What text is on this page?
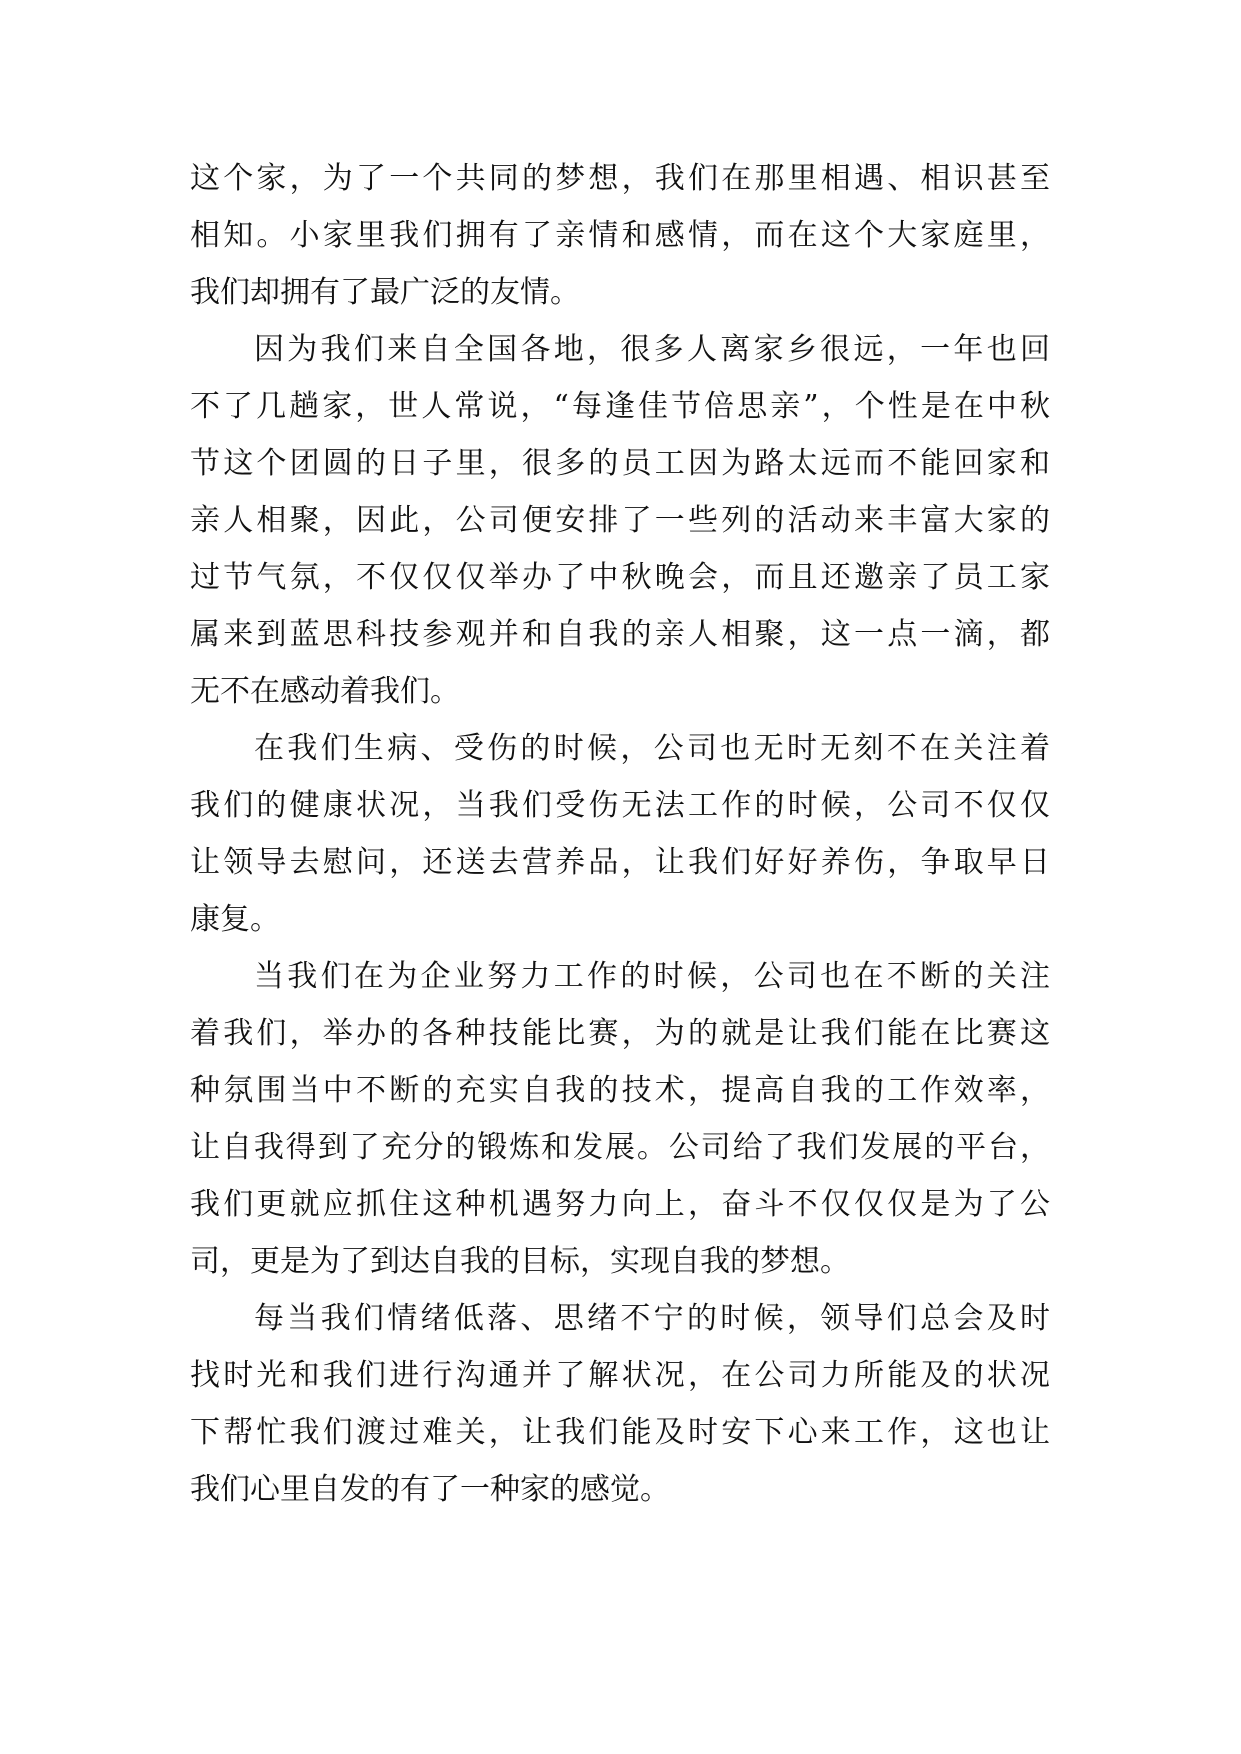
这个家，为了一个共同的梦想，我们在那里相遇、相识甚至
相知。小家里我们拥有了亲情和感情，而在这个大家庭里，
我们却拥有了最广泛的友情。
因为我们来自全国各地，很多人离家乡很远，一年也回
不了几趟家，世人常说，“每逢佳节倍思亲”，个性是在中秋
节这个团圆的日子里，很多的员工因为路太远而不能回家和
亲人相聚，因此，公司便安排了一些列的活动来丰富大家的
过节气氛，不仅仅仅举办了中秋晚会，而且还邀亲了员工家
属来到蓝思科技参观并和自我的亲人相聚，这一点一滴，都
无不在感动着我们。
在我们生病、受伤的时候，公司也无时无刻不在关注着
我们的健康状况，当我们受伤无法工作的时候，公司不仅仅
让领导去慰问，还送去营养品，让我们好好养伤，争取早日
康复。
当我们在为企业努力工作的时候，公司也在不断的关注
着我们，举办的各种技能比赛，为的就是让我们能在比赛这
种氛围当中不断的充实自我的技术，提高自我的工作效率，
让自我得到了充分的锻炼和发展。公司给了我们发展的平台，
我们更就应抓住这种机遇努力向上，奋斗不仅仅仅是为了公
司，更是为了到达自我的目标，实现自我的梦想。
每当我们情绪低落、思绪不宁的时候，领导们总会及时
找时光和我们进行沟通并了解状况，在公司力所能及的状况
下帮忙我们渡过难关，让我们能及时安下心来工作，这也让
我们心里自发的有了一种家的感觉。
